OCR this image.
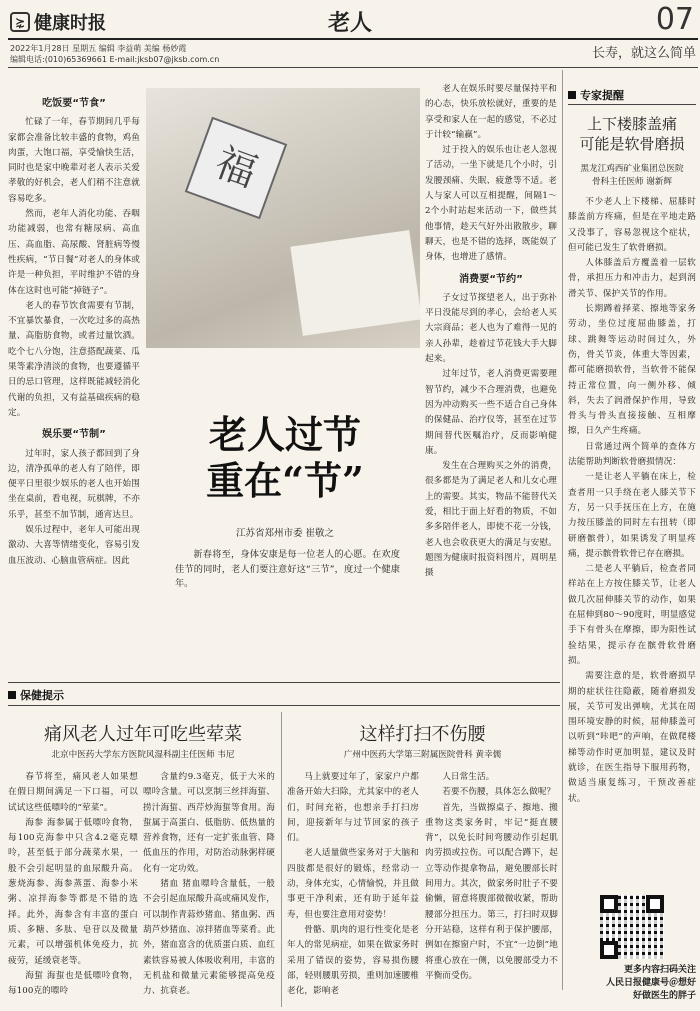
⋩ 健康时报	老人	07
2022年1月28日 星期五 编辑 李益萌 美编 杨妙霞
编辑电话:(010)65369661 E-mail:jksb07@jksb.com.cn	长寿，就这么简单
吃饭要“节食”

忙碌了一年，春节期间几乎每家都会准备比较丰盛的食物，鸡鱼肉蛋，大饱口福，享受愉快生活，同时也是家中晚辈对老人表示关爱孝敬的好机会，老人们稍不注意就容易吃多。

然而，老年人消化功能、吞咽功能减弱，也常有糖尿病、高血压、高血脂、高尿酸、肾脏病等慢性疾病，“节日餐”对老人的身体或许是一种负担，平时维护不错的身体在这时也可能“掉链子”。

老人的春节饮食需要有节制，不宜暴饮暴食，一次吃过多的高热量、高脂肪食物，或者过量饮酒。吃个七八分饱，注意搭配蔬菜、瓜果等素净清淡的食物，也要遵循平日的忌口管理，这样既能减轻消化代谢的负担，又有益基础疾病的稳定。

娱乐要“节制”

过年时，家人孩子都回到了身边，清净孤单的老人有了陪伴，即便平日里很少娱乐的老人也开始围坐在桌前，看电视，玩棋牌，不亦乐乎，甚至不加节制，通宵达旦。

娱乐过程中，老年人可能出现激动、大喜等情绪变化，容易引发血压波动、心脑血管病症。因此

福
老人过节
重在“节”
江苏省郑州市委 崔敬之
新春将至，身体安康是每一位老人的心愿。在欢度佳节的同时，老人们要注意好这“三节”，度过一个健康年。

老人在娱乐时要尽量保持平和的心态，快乐放松就好，重要的是享受和家人在一起的感觉，不必过于计较“输赢”。

过于投入的娱乐也让老人忽视了活动，一坐下就是几个小时，引发腰颈痛、失眠、疲惫等不适。老人与家人可以互相提醒，间隔1～2个小时站起来活动一下，做些其他事情，趁天气好外出散散步，聊聊天，也是不错的选择，既能娱了身体，也增进了感情。

消费要“节约”

子女过节探望老人，出于弥补平日没能尽到的孝心，会给老人买大宗商品；老人也为了难得一见的亲人孙辈，趁着过节花钱大手大脚起来。

过年过节，老人消费更需要理智节约，减少不合理消费，也避免因为冲动购买一些不适合自己身体的保健品、治疗仪等，甚至在过节期间替代医嘱治疗，反而影响健康。

发生在合理购买之外的消费，很多都是为了满足老人和儿女心理上的需要。其实，物品不能替代关爱，相比于面上好看的物质，不如多多陪伴老人，即使不花一分钱，老人也会收获更大的满足与安慰。 题图为健康时报资料图片，周明星摄

专家提醒
上下楼膝盖痛
可能是软骨磨损
黑龙江鸡西矿业集团总医院
骨科主任医师 谢新辉

不少老人上下楼梯、屈膝时膝盖前方疼痛，但是在平地走路又没事了，容易忽视这个症状，但可能已发生了软骨磨损。

人体膝盖后方覆盖着一层软骨，承担压力和冲击力，起到润滑关节、保护关节的作用。

长期蹲着择菜、擦地等家务劳动，坐位过度屈曲膝盖，打球、跳舞等运动时间过久，外伤，骨关节炎，体重大等因素，都可能磨损软骨，当软骨不能保持正常位置，向一侧外移、倾斜，失去了润滑保护作用，导致骨头与骨头直接接触、互相摩擦，日久产生疼痛。

日常通过两个简单的查体方法能帮助判断软骨磨损情况：

一是让老人平躺在床上，检查者用一只手绕在老人膝关节下方，另一只手抚压在上方，在施力按压膝盖的同时左右扭转（即研磨髌骨），如果诱发了明显疼痛，提示髌骨软骨已存在磨损。

二是老人平躺后，检查者同样站在上方按住膝关节，让老人做几次屈伸膝关节的动作，如果在屈伸到80～90度时，明显感觉手下有骨头在摩擦，即为阳性试验结果，提示存在髌骨软骨磨损。

需要注意的是，软骨磨损早期的症状往往隐蔽，随着磨损发展，关节可发出弹响，尤其在周围环境安静的时候，屈伸膝盖可以听到“咔吧”的声响，在做爬楼梯等动作时更加明显，建议及时就诊，在医生指导下服用药物，做适当康复练习，干预改善症状。

更多内容扫码关注
人民日报健康号＠想好
好做医生的胖子
保健提示
痛风老人过年可吃些荤菜
北京中医药大学东方医院风湿科副主任医师 韦尼

春节将至，痛风老人如果想在假日期间满足一下口福，可以试试这些低嘌呤的“荤菜”。

海参 海参属于低嘌呤食物，每100克海参中只含4.2毫克嘌呤，甚至低于部分蔬菜水果，一般不会引起明显的血尿酸升高。葱烧海参、海参蒸蛋、海参小米粥、凉拌海参等都是不错的选择。此外，海参含有丰富的蛋白质、多糖、多肽、皂苷以及微量元素，可以增强机体免疫力，抗疲劳，延缓衰老等。

海蜇 海蜇也是低嘌呤食物，每100克的嘌呤

含量约9.3毫克，低于大米的嘌呤含量。可以烹制三丝拌海蜇、捞汁海蜇、西芹炒海蜇等食用。海蜇属于高蛋白、低脂肪、低热量的营养食物，还有一定扩张血管、降低血压的作用，对防治动脉粥样硬化有一定功效。

猪血 猪血嘌呤含量低，一般不会引起血尿酸升高或痛风发作，可以制作青蒜炒猪血、猪血粥、西葫芦炒猪血、凉拌猪血等菜肴。此外，猪血富含的优质蛋白质、血红素铁容易被人体吸收利用，丰富的无机盐和微量元素能够提高免疫力、抗衰老。

这样打扫不伤腰
广州中医药大学第三附属医院骨科 黄幸儒

马上就要过年了，家家户户都准备开始大扫除，尤其家中的老人们，时间充裕，也想亲手打扫房间，迎接新年与过节回家的孩子们。

老人适量做些家务对于大脑和四肢都是很好的锻炼，经常动一动，身体充实，心情愉悦，并且做事更干净利索，还有助于延年益寿，但也要注意用对姿势！

骨骼、肌肉的退行性变化是老年人的常见病症，如果在做家务时采用了错误的姿势，容易损伤腰部，轻则腰肌劳损，重则加速腰椎老化，影响老

人日常生活。

若要不伤腰，具体怎么做呢？

首先，当做擦桌子、擦地、搬重物这类家务时，牢记“挺直腰背”，以免长时间弯腰动作引起肌肉劳损或拉伤。可以配合蹲下，起立等动作提拿物品，避免腰部长时间用力。其次，做家务时肚子不要偷懒，留意将腹部微微收紧，帮助腰部分担压力。第三，打扫时双脚分开站稳，这样有利于保护腰部，例如在擦窗户时，不宜“一边倒”地将重心放在一侧，以免腰部受力不平衡而受伤。
